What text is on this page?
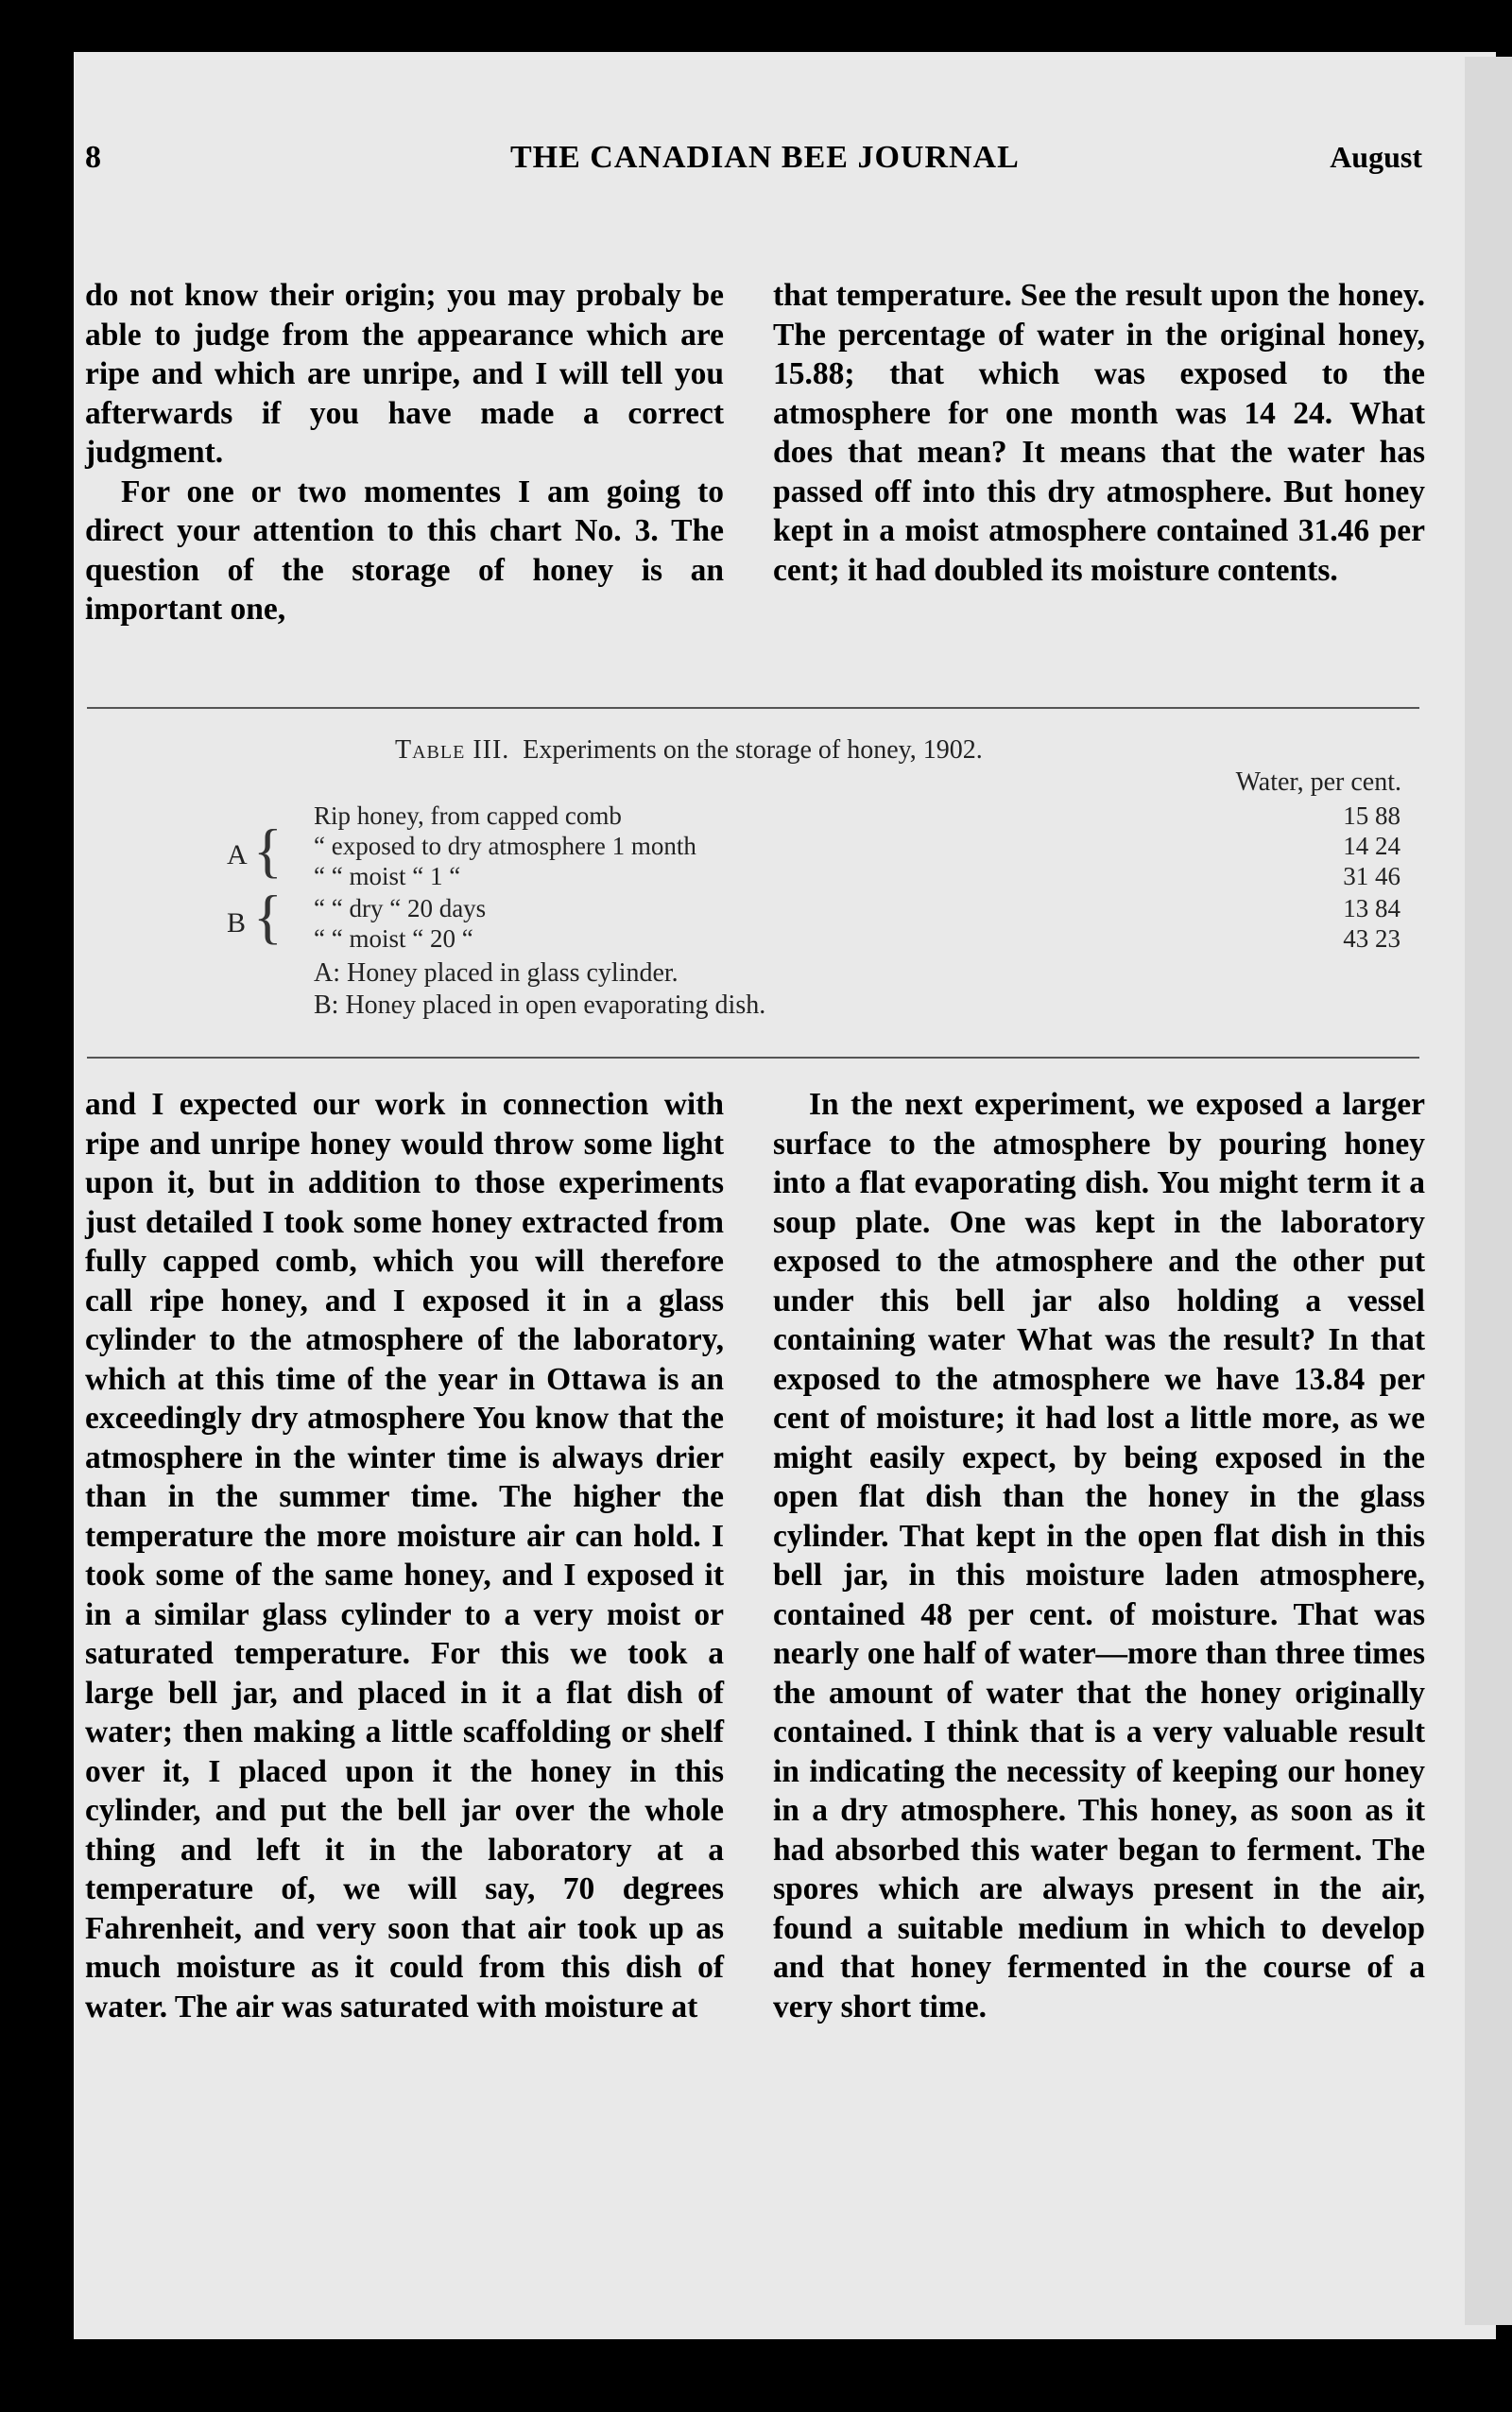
8	THE CANADIAN BEE JOURNAL	August

do not know their origin; you may probaly be able to judge from the appearance which are ripe and which are unripe, and I will tell you afterwards if you have made a correct judgment.

For one or two momentes I am going to direct your attention to this chart No. 3. The question of the storage of honey is an important one,

that temperature. See the result upon the honey. The percentage of water in the original honey, 15.88; that which was exposed to the atmosphere for one month was 14 24. What does that mean? It means that the water has passed off into this dry atmosphere. But honey kept in a moist atmosphere contained 31.46 per cent; it had doubled its moisture contents.

Table III. Experiments on the storage of honey, 1902.
Water, per cent.
Rip honey, from capped comb	15 88
A { “ exposed to dry atmosphere 1 month	14 24
“ “ moist “ 1 “	31 46
B { “ “ dry “ 20 days	13 84
“ “ moist “ 20 “	43 23
A: Honey placed in glass cylinder.
B: Honey placed in open evaporating dish.

and I expected our work in connection with ripe and unripe honey would throw some light upon it, but in addition to those experiments just detailed I took some honey extracted from fully capped comb, which you will therefore call ripe honey, and I exposed it in a glass cylinder to the atmosphere of the laboratory, which at this time of the year in Ottawa is an exceedingly dry atmosphere You know that the atmosphere in the winter time is always drier than in the summer time. The higher the temperature the more moisture air can hold. I took some of the same honey, and I exposed it in a similar glass cylinder to a very moist or saturated temperature. For this we took a large bell jar, and placed in it a flat dish of water; then making a little scaffolding or shelf over it, I placed upon it the honey in this cylinder, and put the bell jar over the whole thing and left it in the laboratory at a temperature of, we will say, 70 degrees Fahrenheit, and very soon that air took up as much moisture as it could from this dish of water. The air was saturated with moisture at

In the next experiment, we exposed a larger surface to the atmosphere by pouring honey into a flat evaporating dish. You might term it a soup plate. One was kept in the laboratory exposed to the atmosphere and the other put under this bell jar also holding a vessel containing water What was the result? In that exposed to the atmosphere we have 13.84 per cent of moisture; it had lost a little more, as we might easily expect, by being exposed in the open flat dish than the honey in the glass cylinder. That kept in the open flat dish in this bell jar, in this moisture laden atmosphere, contained 48 per cent. of moisture. That was nearly one half of water—more than three times the amount of water that the honey originally contained. I think that is a very valuable result in indicating the necessity of keeping our honey in a dry atmosphere. This honey, as soon as it had absorbed this water began to ferment. The spores which are always present in the air, found a suitable medium in which to develop and that honey fermented in the course of a very short time.
